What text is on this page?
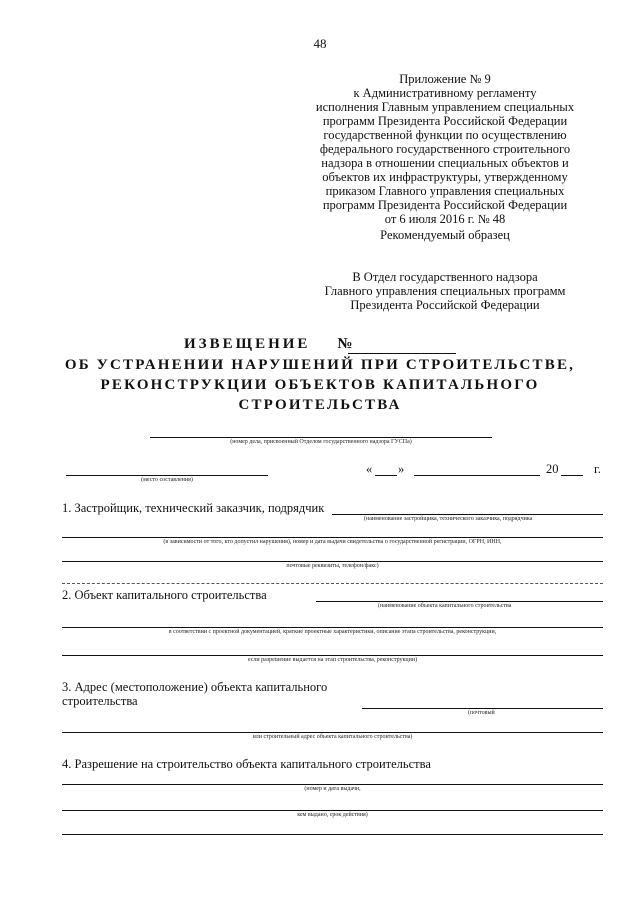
48
Приложение № 9
к Административному регламенту
исполнения Главным управлением специальных
программ Президента Российской Федерации
государственной функции по осуществлению
федерального государственного строительного
надзора в отношении специальных объектов и
объектов их инфраструктуры, утвержденному
приказом Главного управления специальных
программ Президента Российской Федерации
от 6 июля 2016 г. № 48
Рекомендуемый образец
В Отдел государственного надзора
Главного управления специальных программ
Президента Российской Федерации
ИЗВЕЩЕНИЕ    №
ОБ УСТРАНЕНИИ НАРУШЕНИЙ ПРИ СТРОИТЕЛЬСТВЕ,
РЕКОНСТРУКЦИИ ОБЪЕКТОВ КАПИТАЛЬНОГО
СТРОИТЕЛЬСТВА
(номер дела, присвоенный Отделом государственного надзора ГУСПа)
(место составления)
« »	20	г.
1. Застройщик, технический заказчик, подрядчик
(наименование застройщика, технического заказчика, подрядчика
(в зависимости от того, кто допустил нарушения), номер и дата выдачи свидетельства о государственной регистрации, ОГРН, ИНН,
почтовые реквизиты, телефон/факс)
2. Объект капитального строительства
(наименование объекта капитального строительства
в соответствии с проектной документацией, краткие проектные характеристики, описание этапа строительства, реконструкции,
если разрешение выдается на этап строительства, реконструкции)
3. Адрес (местоположение) объекта капитального
строительства
(почтовый
или строительный адрес объекта капитального строительства)
4. Разрешение на строительство объекта капитального строительства
(номер и дата выдачи,
кем выдано, срок действия)
